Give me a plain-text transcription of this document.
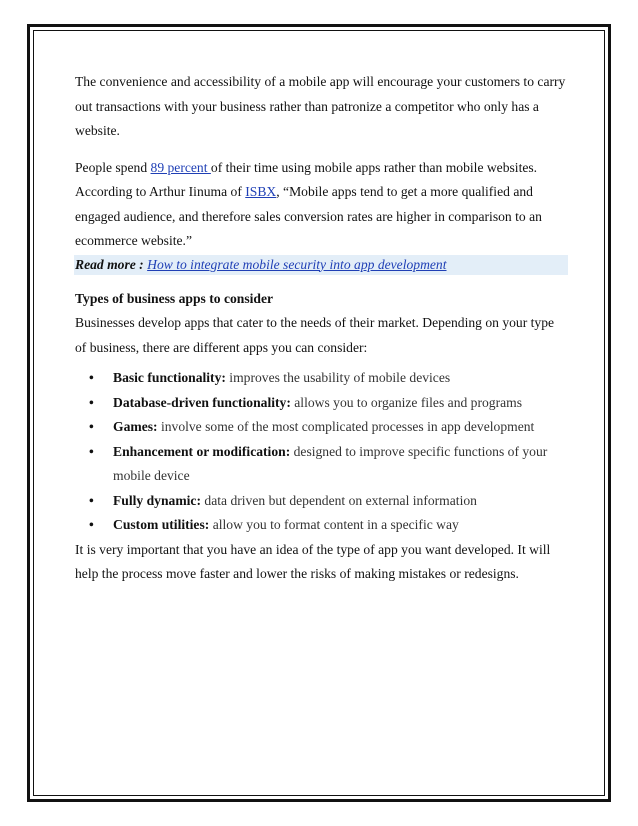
The convenience and accessibility of a mobile app will encourage your customers to carry out transactions with your business rather than patronize a competitor who only has a website.

People spend 89 percent of their time using mobile apps rather than mobile websites. According to Arthur Iinuma of ISBX, “Mobile apps tend to get a more qualified and engaged audience, and therefore sales conversion rates are higher in comparison to an ecommerce website.”

Read more : How to integrate mobile security into app development

Types of business apps to consider

Businesses develop apps that cater to the needs of their market. Depending on your type of business, there are different apps you can consider:

• Basic functionality: improves the usability of mobile devices
• Database-driven functionality: allows you to organize files and programs
• Games: involve some of the most complicated processes in app development
• Enhancement or modification: designed to improve specific functions of your mobile device
• Fully dynamic: data driven but dependent on external information
• Custom utilities: allow you to format content in a specific way

It is very important that you have an idea of the type of app you want developed. It will help the process move faster and lower the risks of making mistakes or redesigns.
